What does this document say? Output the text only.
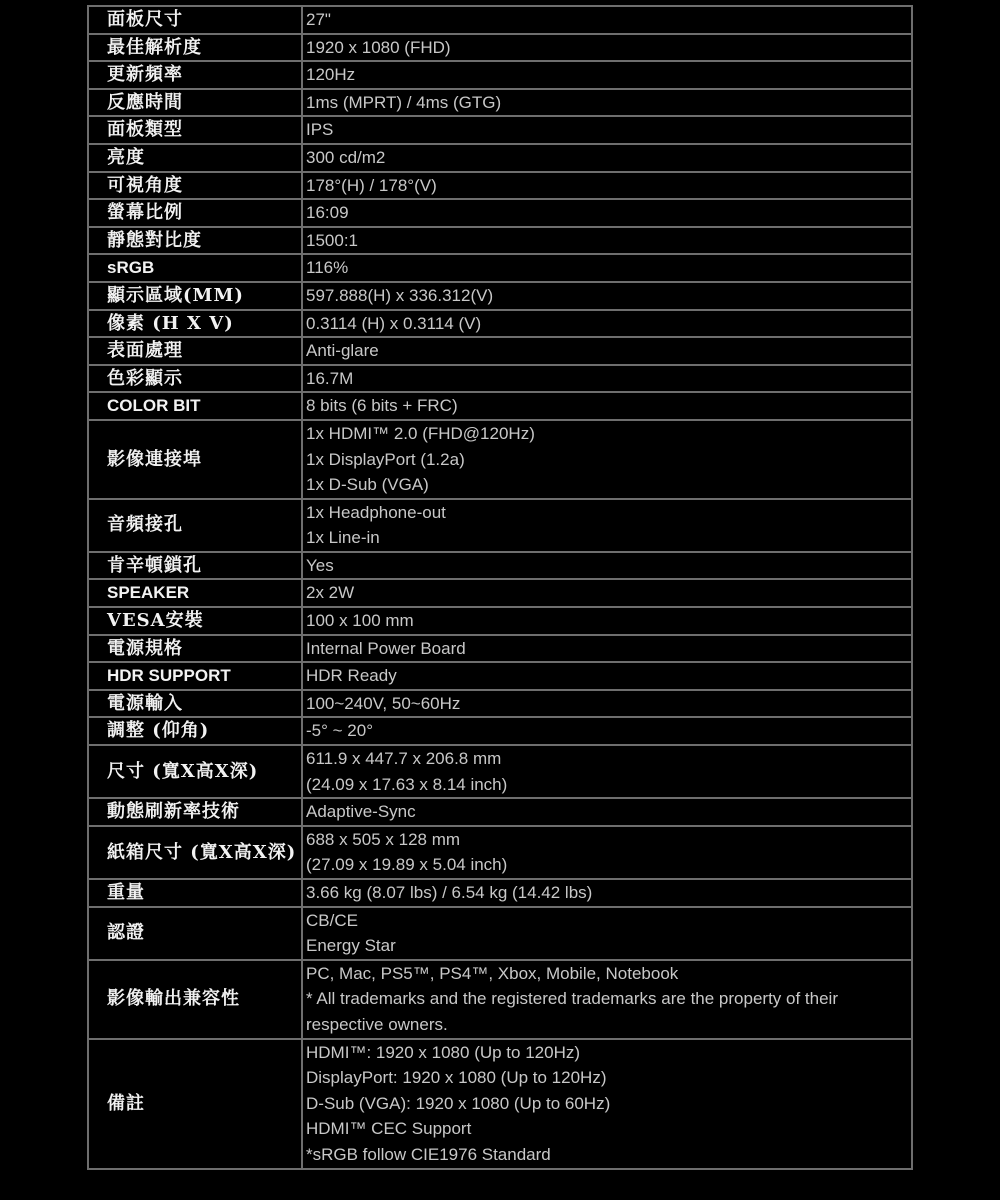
面板尺寸	27"

最佳解析度	1920 x 1080 (FHD)

更新頻率	120Hz

反應時間	1ms (MPRT) / 4ms (GTG)

面板類型	IPS

亮度	300 cd/m2

可視角度	178°(H) / 178°(V)

螢幕比例	16:09

靜態對比度	1500:1

sRGB	116%

顯示區域(MM)	597.888(H) x 336.312(V)

像素 (H X V)	0.3114 (H) x 0.3114 (V)

表面處理	Anti-glare

色彩顯示	16.7M

COLOR BIT	8 bits (6 bits + FRC)

影像連接埠	1x HDMI™ 2.0 (FHD@120Hz)
1x DisplayPort (1.2a)
1x D-Sub (VGA)

音頻接孔	1x Headphone-out
1x Line-in

肯辛頓鎖孔	Yes

SPEAKER	2x 2W

VESA安裝	100 x 100 mm

電源規格	Internal Power Board

HDR SUPPORT	HDR Ready

電源輸入	100~240V, 50~60Hz

調整 (仰角)	-5° ~ 20°

尺寸 (寬X高X深)	611.9 x 447.7 x 206.8 mm
(24.09 x 17.63 x 8.14 inch)

動態刷新率技術	Adaptive-Sync

紙箱尺寸 (寬X高X深)	688 x 505 x 128 mm
(27.09 x 19.89 x 5.04 inch)

重量	3.66 kg (8.07 lbs) / 6.54 kg (14.42 lbs)

認證	CB/CE
Energy Star

影像輸出兼容性	PC, Mac, PS5™, PS4™, Xbox, Mobile, Notebook
* All trademarks and the registered trademarks are the property of their
respective owners.

備註	HDMI™: 1920 x 1080 (Up to 120Hz)
DisplayPort: 1920 x 1080 (Up to 120Hz)
D-Sub (VGA): 1920 x 1080 (Up to 60Hz)
HDMI™ CEC Support
*sRGB follow CIE1976 Standard
